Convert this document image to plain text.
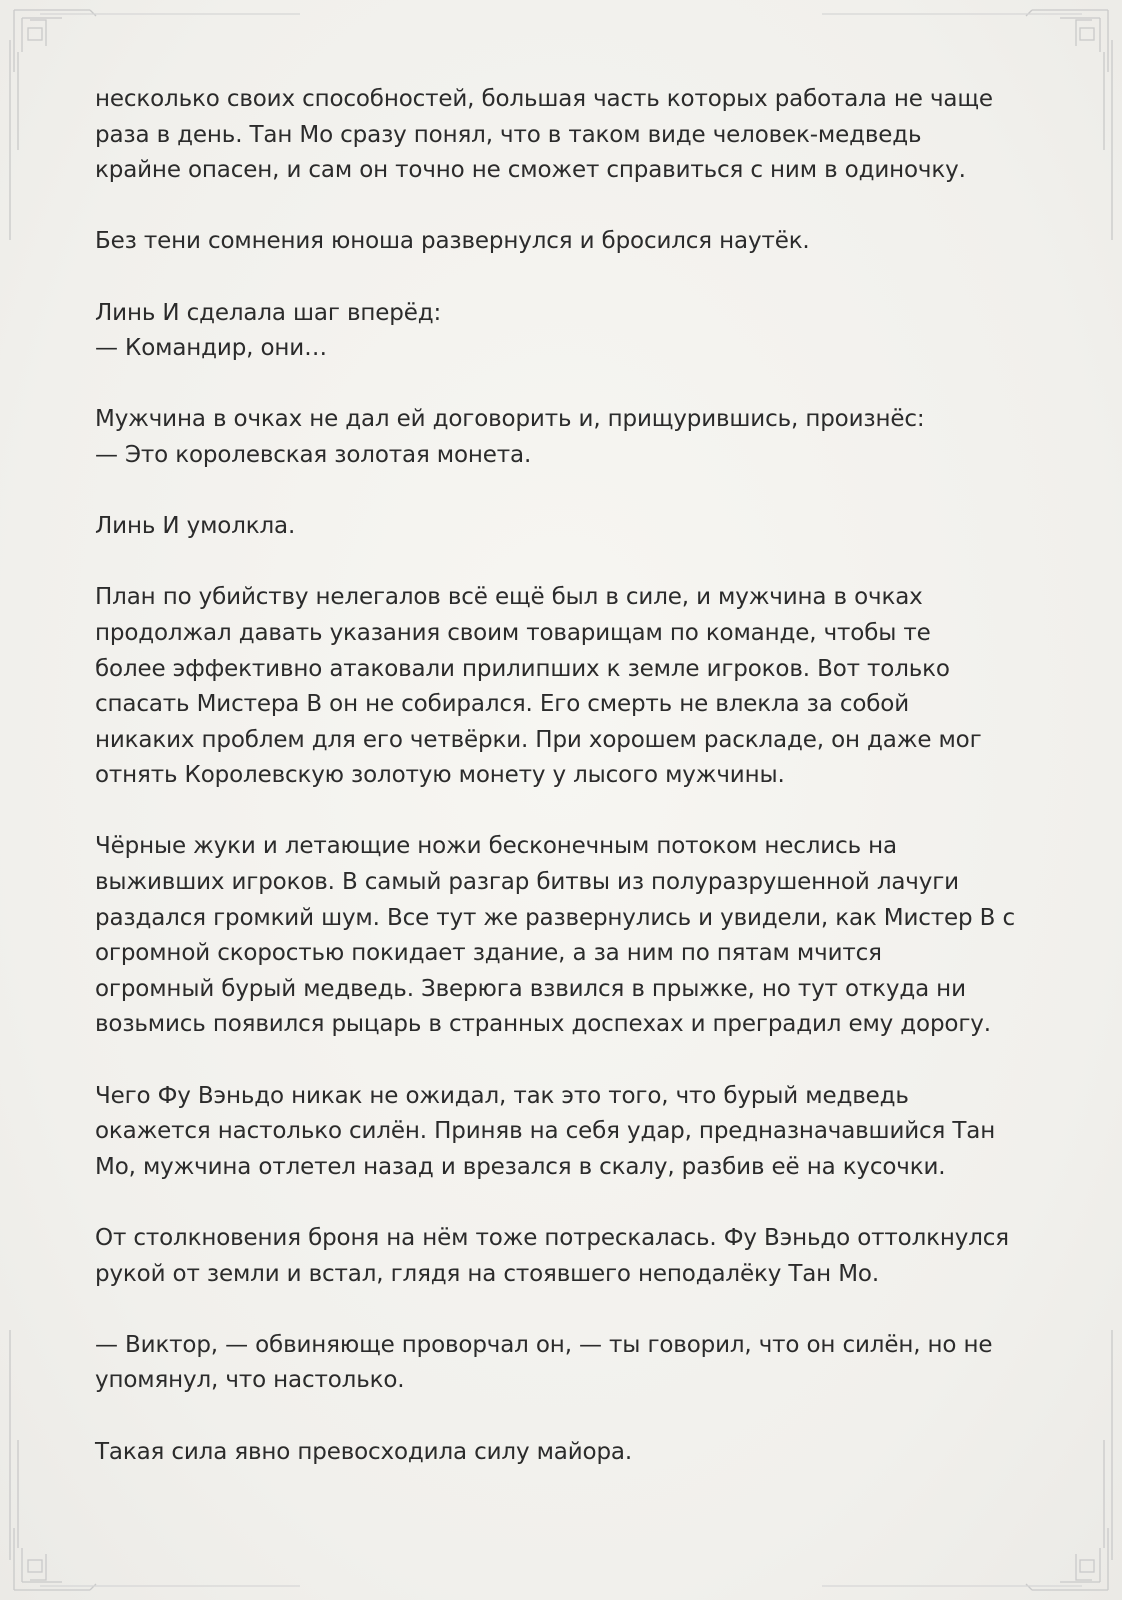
несколько своих способностей, большая часть которых работала не чаще
раза в день. Тан Мо сразу понял, что в таком виде человек-медведь
крайне опасен, и сам он точно не сможет справиться с ним в одиночку.

Без тени сомнения юноша развернулся и бросился наутёк.

Линь И сделала шаг вперёд:
— Командир, они…

Мужчина в очках не дал ей договорить и, прищурившись, произнёс:
— Это королевская золотая монета.

Линь И умолкла.

План по убийству нелегалов всё ещё был в силе, и мужчина в очках
продолжал давать указания своим товарищам по команде, чтобы те
более эффективно атаковали прилипших к земле игроков. Вот только
спасать Мистера В он не собирался. Его смерть не влекла за собой
никаких проблем для его четвёрки. При хорошем раскладе, он даже мог
отнять Королевскую золотую монету у лысого мужчины.

Чёрные жуки и летающие ножи бесконечным потоком неслись на
выживших игроков. В самый разгар битвы из полуразрушенной лачуги
раздался громкий шум. Все тут же развернулись и увидели, как Мистер В с
огромной скоростью покидает здание, а за ним по пятам мчится
огромный бурый медведь. Зверюга взвился в прыжке, но тут откуда ни
возьмись появился рыцарь в странных доспехах и преградил ему дорогу.

Чего Фу Вэньдо никак не ожидал, так это того, что бурый медведь
окажется настолько силён. Приняв на себя удар, предназначавшийся Тан
Мо, мужчина отлетел назад и врезался в скалу, разбив её на кусочки.

От столкновения броня на нём тоже потрескалась. Фу Вэньдо оттолкнулся
рукой от земли и встал, глядя на стоявшего неподалёку Тан Мо.

— Виктор, — обвиняюще проворчал он, — ты говорил, что он силён, но не
упомянул, что настолько.

Такая сила явно превосходила силу майора.
